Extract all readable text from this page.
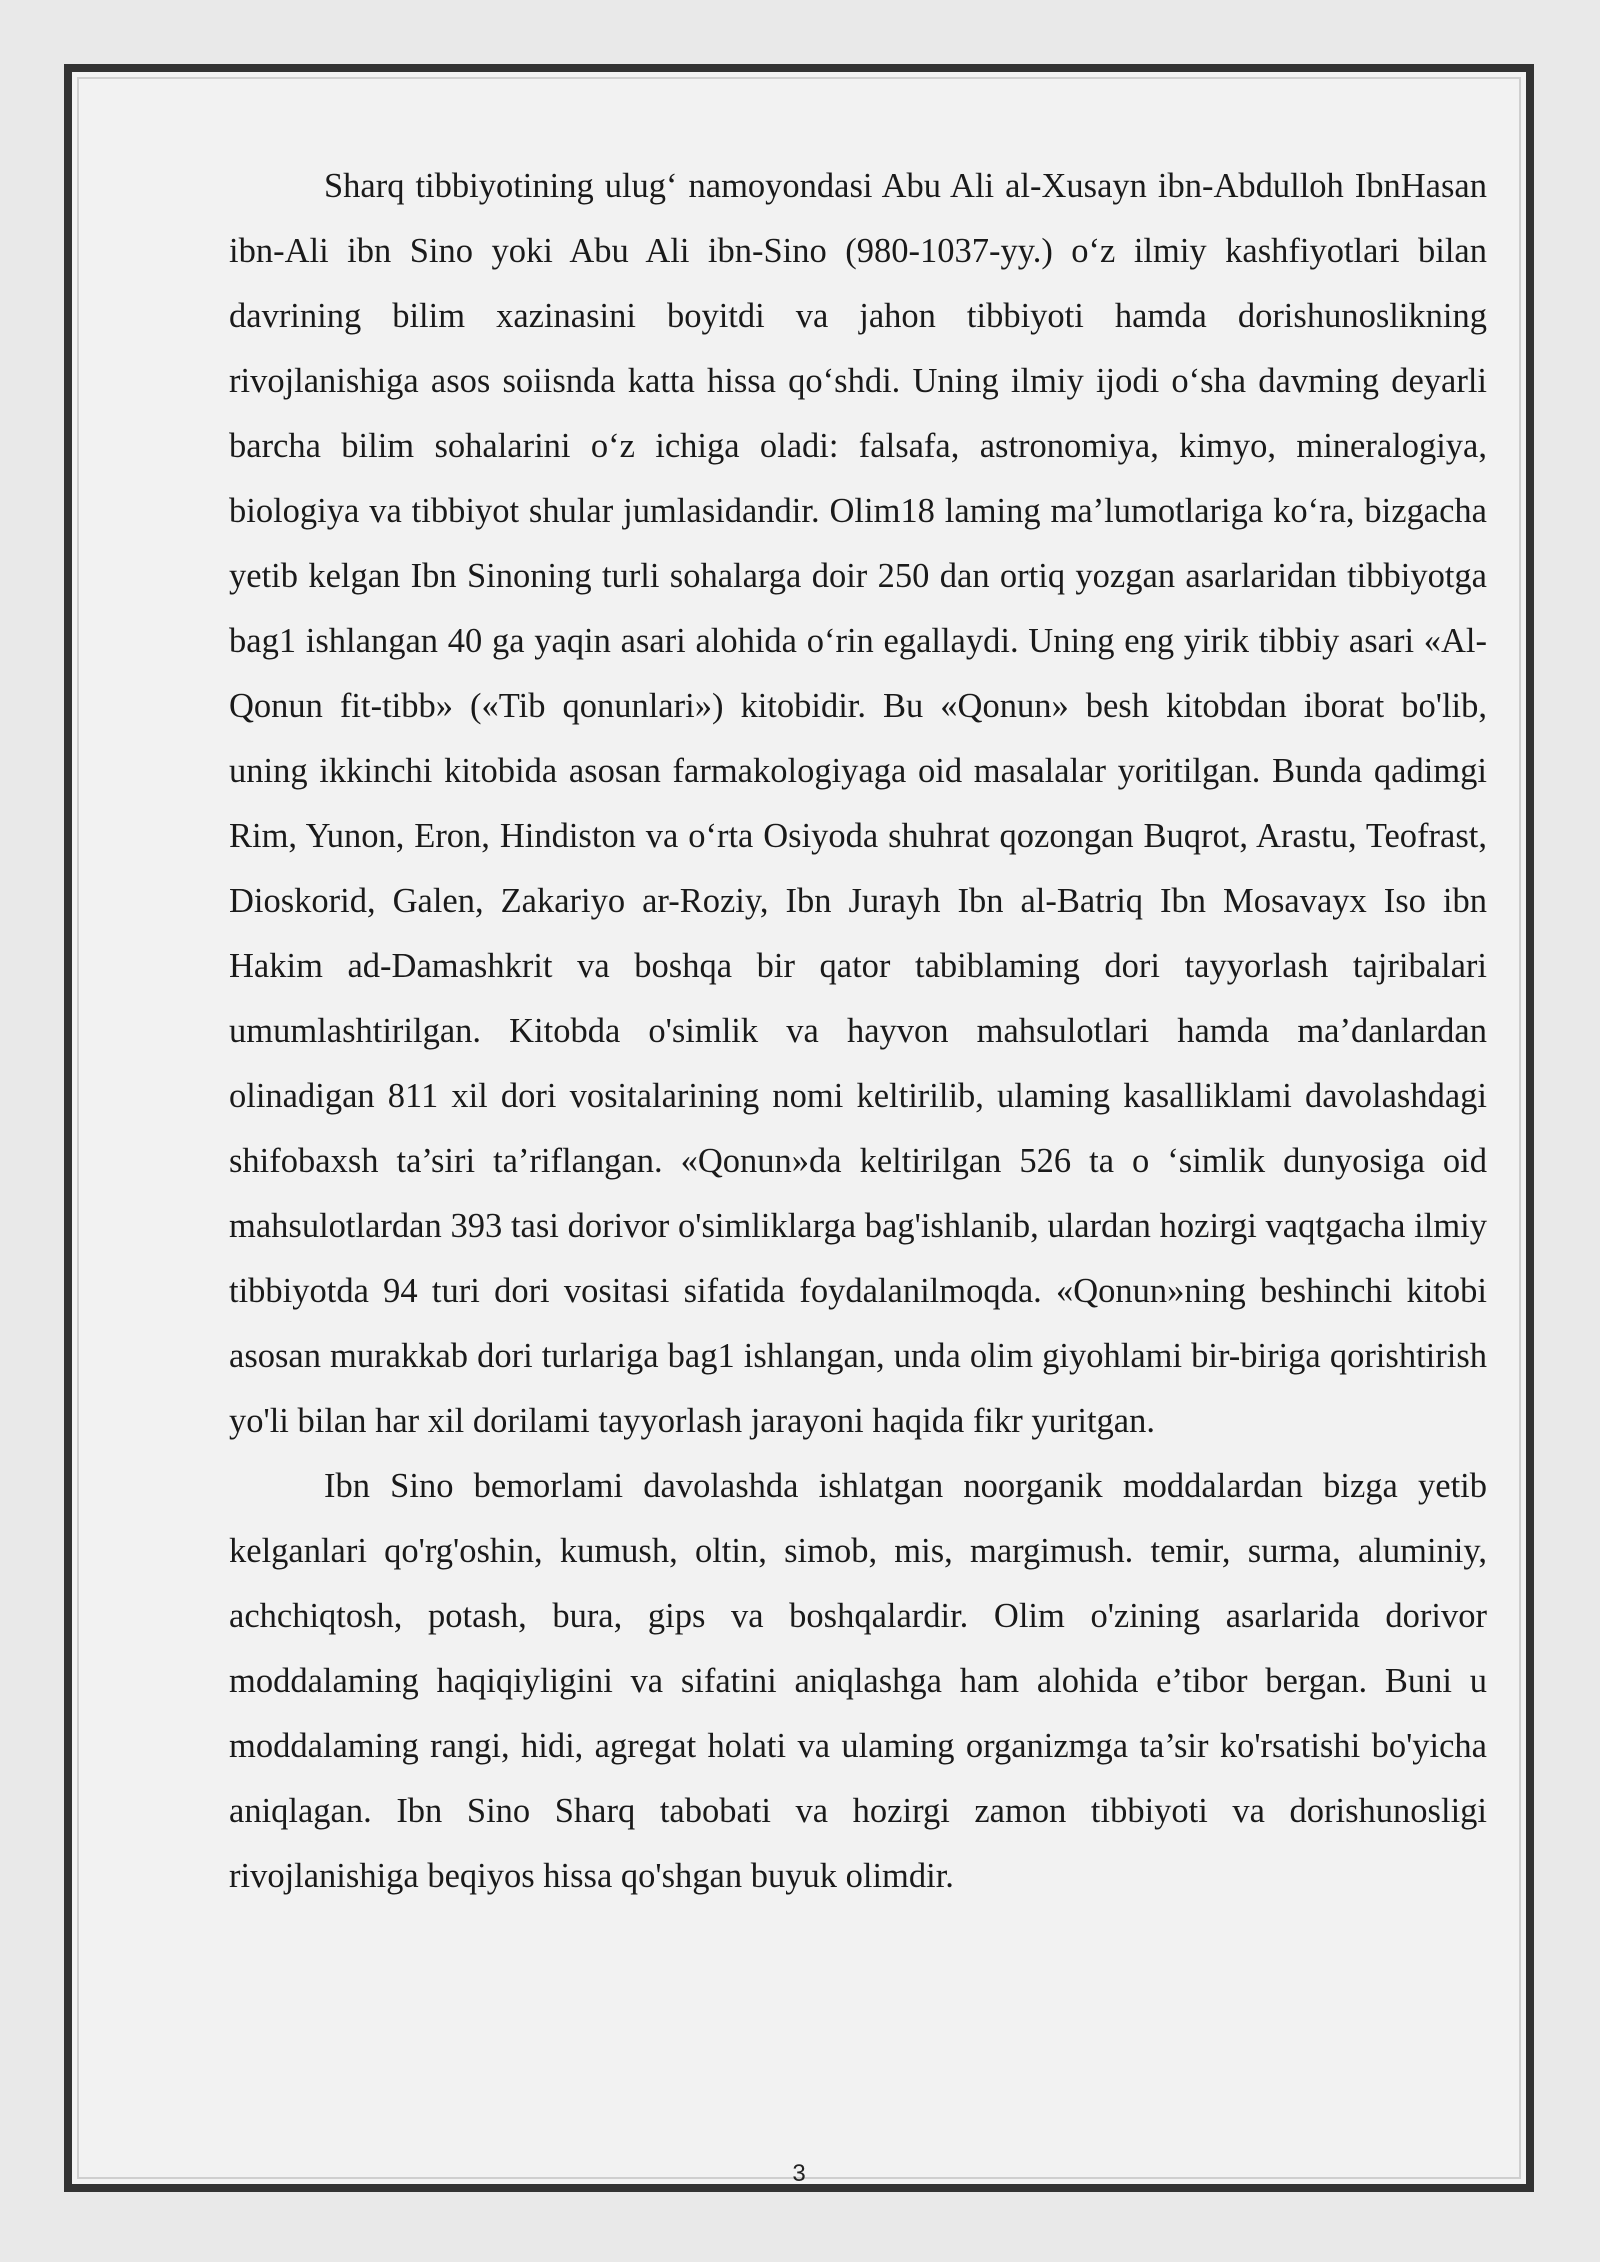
Sharq tibbiyotining ulug‘ namoyondasi Abu Ali al-Xusayn ibn-Abdulloh IbnHasan ibn-Ali ibn Sino yoki Abu Ali ibn-Sino (980-1037-yy.) o‘z ilmiy kashfiyotlari bilan davrining bilim xazinasini boyitdi va jahon tibbiyoti hamda dorishunoslikning rivojlanishiga asos soiisnda katta hissa qo‘shdi. Uning ilmiy ijodi o‘sha davming deyarli barcha bilim sohalarini o‘z ichiga oladi: falsafa, astronomiya, kimyo, mineralogiya, biologiya va tibbiyot shular jumlasidandir. Olim18 laming ma’lumotlariga ko‘ra, bizgacha yetib kelgan Ibn Sinoning turli sohalarga doir 250 dan ortiq yozgan asarlaridan tibbiyotga bag1 ishlangan 40 ga yaqin asari alohida o‘rin egallaydi. Uning eng yirik tibbiy asari «Al-Qonun fit-tibb» («Tib qonunlari») kitobidir. Bu «Qonun» besh kitobdan iborat bo'lib, uning ikkinchi kitobida asosan farmakologiyaga oid masalalar yoritilgan. Bunda qadimgi Rim, Yunon, Eron, Hindiston va o‘rta Osiyoda shuhrat qozongan Buqrot, Arastu, Teofrast, Dioskorid, Galen, Zakariyo ar-Roziy, Ibn Jurayh Ibn al-Batriq Ibn Mosavayx Iso ibn Hakim ad-Damashkrit va boshqa bir qator tabiblaming dori tayyorlash tajribalari umumlashtirilgan. Kitobda o'simlik va hayvon mahsulotlari hamda ma’danlardan olinadigan 811 xil dori vositalarining nomi keltirilib, ulaming kasalliklami davolashdagi shifobaxsh ta’siri ta’riflangan. «Qonun»da keltirilgan 526 ta o ‘simlik dunyosiga oid mahsulotlardan 393 tasi dorivor o'simliklarga bag'ishlanib, ulardan hozirgi vaqtgacha ilmiy tibbiyotda 94 turi dori vositasi sifatida foydalanilmoqda. «Qonun»ning beshinchi kitobi asosan murakkab dori turlariga bag1 ishlangan, unda olim giyohlami bir-biriga qorishtirish yo'li bilan har xil dorilami tayyorlash jarayoni haqida fikr yuritgan.

Ibn Sino bemorlami davolashda ishlatgan noorganik moddalardan bizga yetib kelganlari qo'rg'oshin, kumush, oltin, simob, mis, margimush. temir, surma, aluminiy, achchiqtosh, potash, bura, gips va boshqalardir. Olim o'zining asarlarida dorivor moddalaming haqiqiyligini va sifatini aniqlashga ham alohida e’tibor bergan. Buni u moddalaming rangi, hidi, agregat holati va ulaming organizmga ta’sir ko'rsatishi bo'yicha aniqlagan. Ibn Sino Sharq tabobati va hozirgi zamon tibbiyoti va dorishunosligi rivojlanishiga beqiyos hissa qo'shgan buyuk olimdir.

3
